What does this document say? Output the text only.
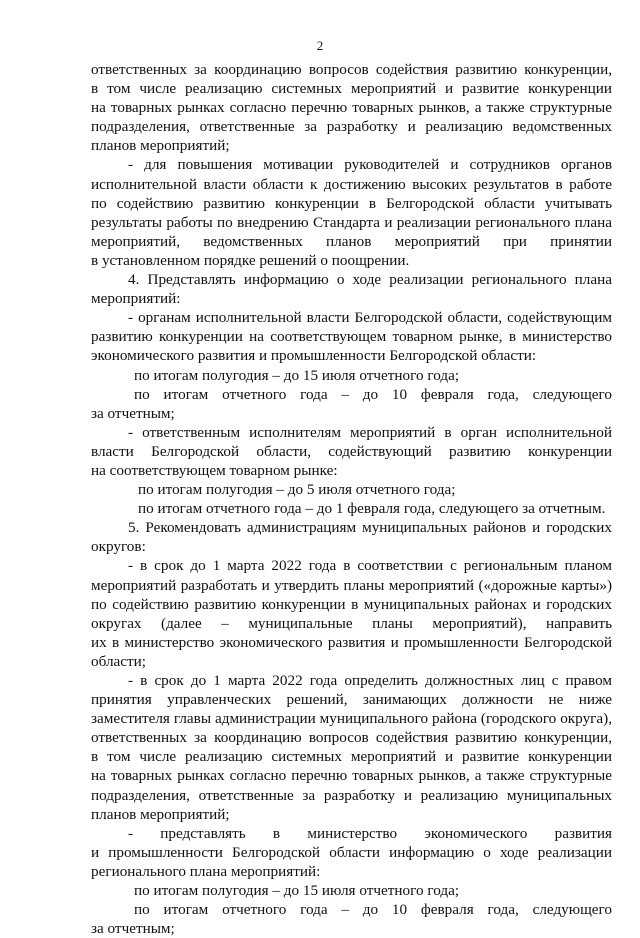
2
ответственных за координацию вопросов содействия развитию конкуренции,
в том числе реализацию системных мероприятий и развитие конкуренции
на товарных рынках согласно перечню товарных рынков, а также структурные
подразделения, ответственные за разработку и реализацию ведомственных
планов мероприятий;
- для повышения мотивации руководителей и сотрудников органов
исполнительной власти области к достижению высоких результатов в работе
по содействию развитию конкуренции в Белгородской области учитывать
результаты работы по внедрению Стандарта и реализации регионального плана
мероприятий, ведомственных планов мероприятий при принятии
в установленном порядке решений о поощрении.
4. Представлять информацию о ходе реализации регионального плана
мероприятий:
- органам исполнительной власти Белгородской области, содействующим
развитию конкуренции на соответствующем товарном рынке, в министерство
экономического развития и промышленности Белгородской области:
по итогам полугодия – до 15 июля отчетного года;
по итогам отчетного года – до 10 февраля года, следующего
за отчетным;
- ответственным исполнителям мероприятий в орган исполнительной
власти Белгородской области, содействующий развитию конкуренции
на соответствующем товарном рынке:
по итогам полугодия – до 5 июля отчетного года;
по итогам отчетного года – до 1 февраля года, следующего за отчетным.
5. Рекомендовать администрациям муниципальных районов и городских
округов:
- в срок до 1 марта 2022 года в соответствии с региональным планом
мероприятий разработать и утвердить планы мероприятий («дорожные карты»)
по содействию развитию конкуренции в муниципальных районах и городских
округах (далее – муниципальные планы мероприятий), направить
их в министерство экономического развития и промышленности Белгородской
области;
- в срок до 1 марта 2022 года определить должностных лиц с правом
принятия управленческих решений, занимающих должности не ниже
заместителя главы администрации муниципального района (городского округа),
ответственных за координацию вопросов содействия развитию конкуренции,
в том числе реализацию системных мероприятий и развитие конкуренции
на товарных рынках согласно перечню товарных рынков, а также структурные
подразделения, ответственные за разработку и реализацию муниципальных
планов мероприятий;
- представлять в министерство экономического развития
и промышленности Белгородской области информацию о ходе реализации
регионального плана мероприятий:
по итогам полугодия – до 15 июля отчетного года;
по итогам отчетного года – до 10 февраля года, следующего
за отчетным;
